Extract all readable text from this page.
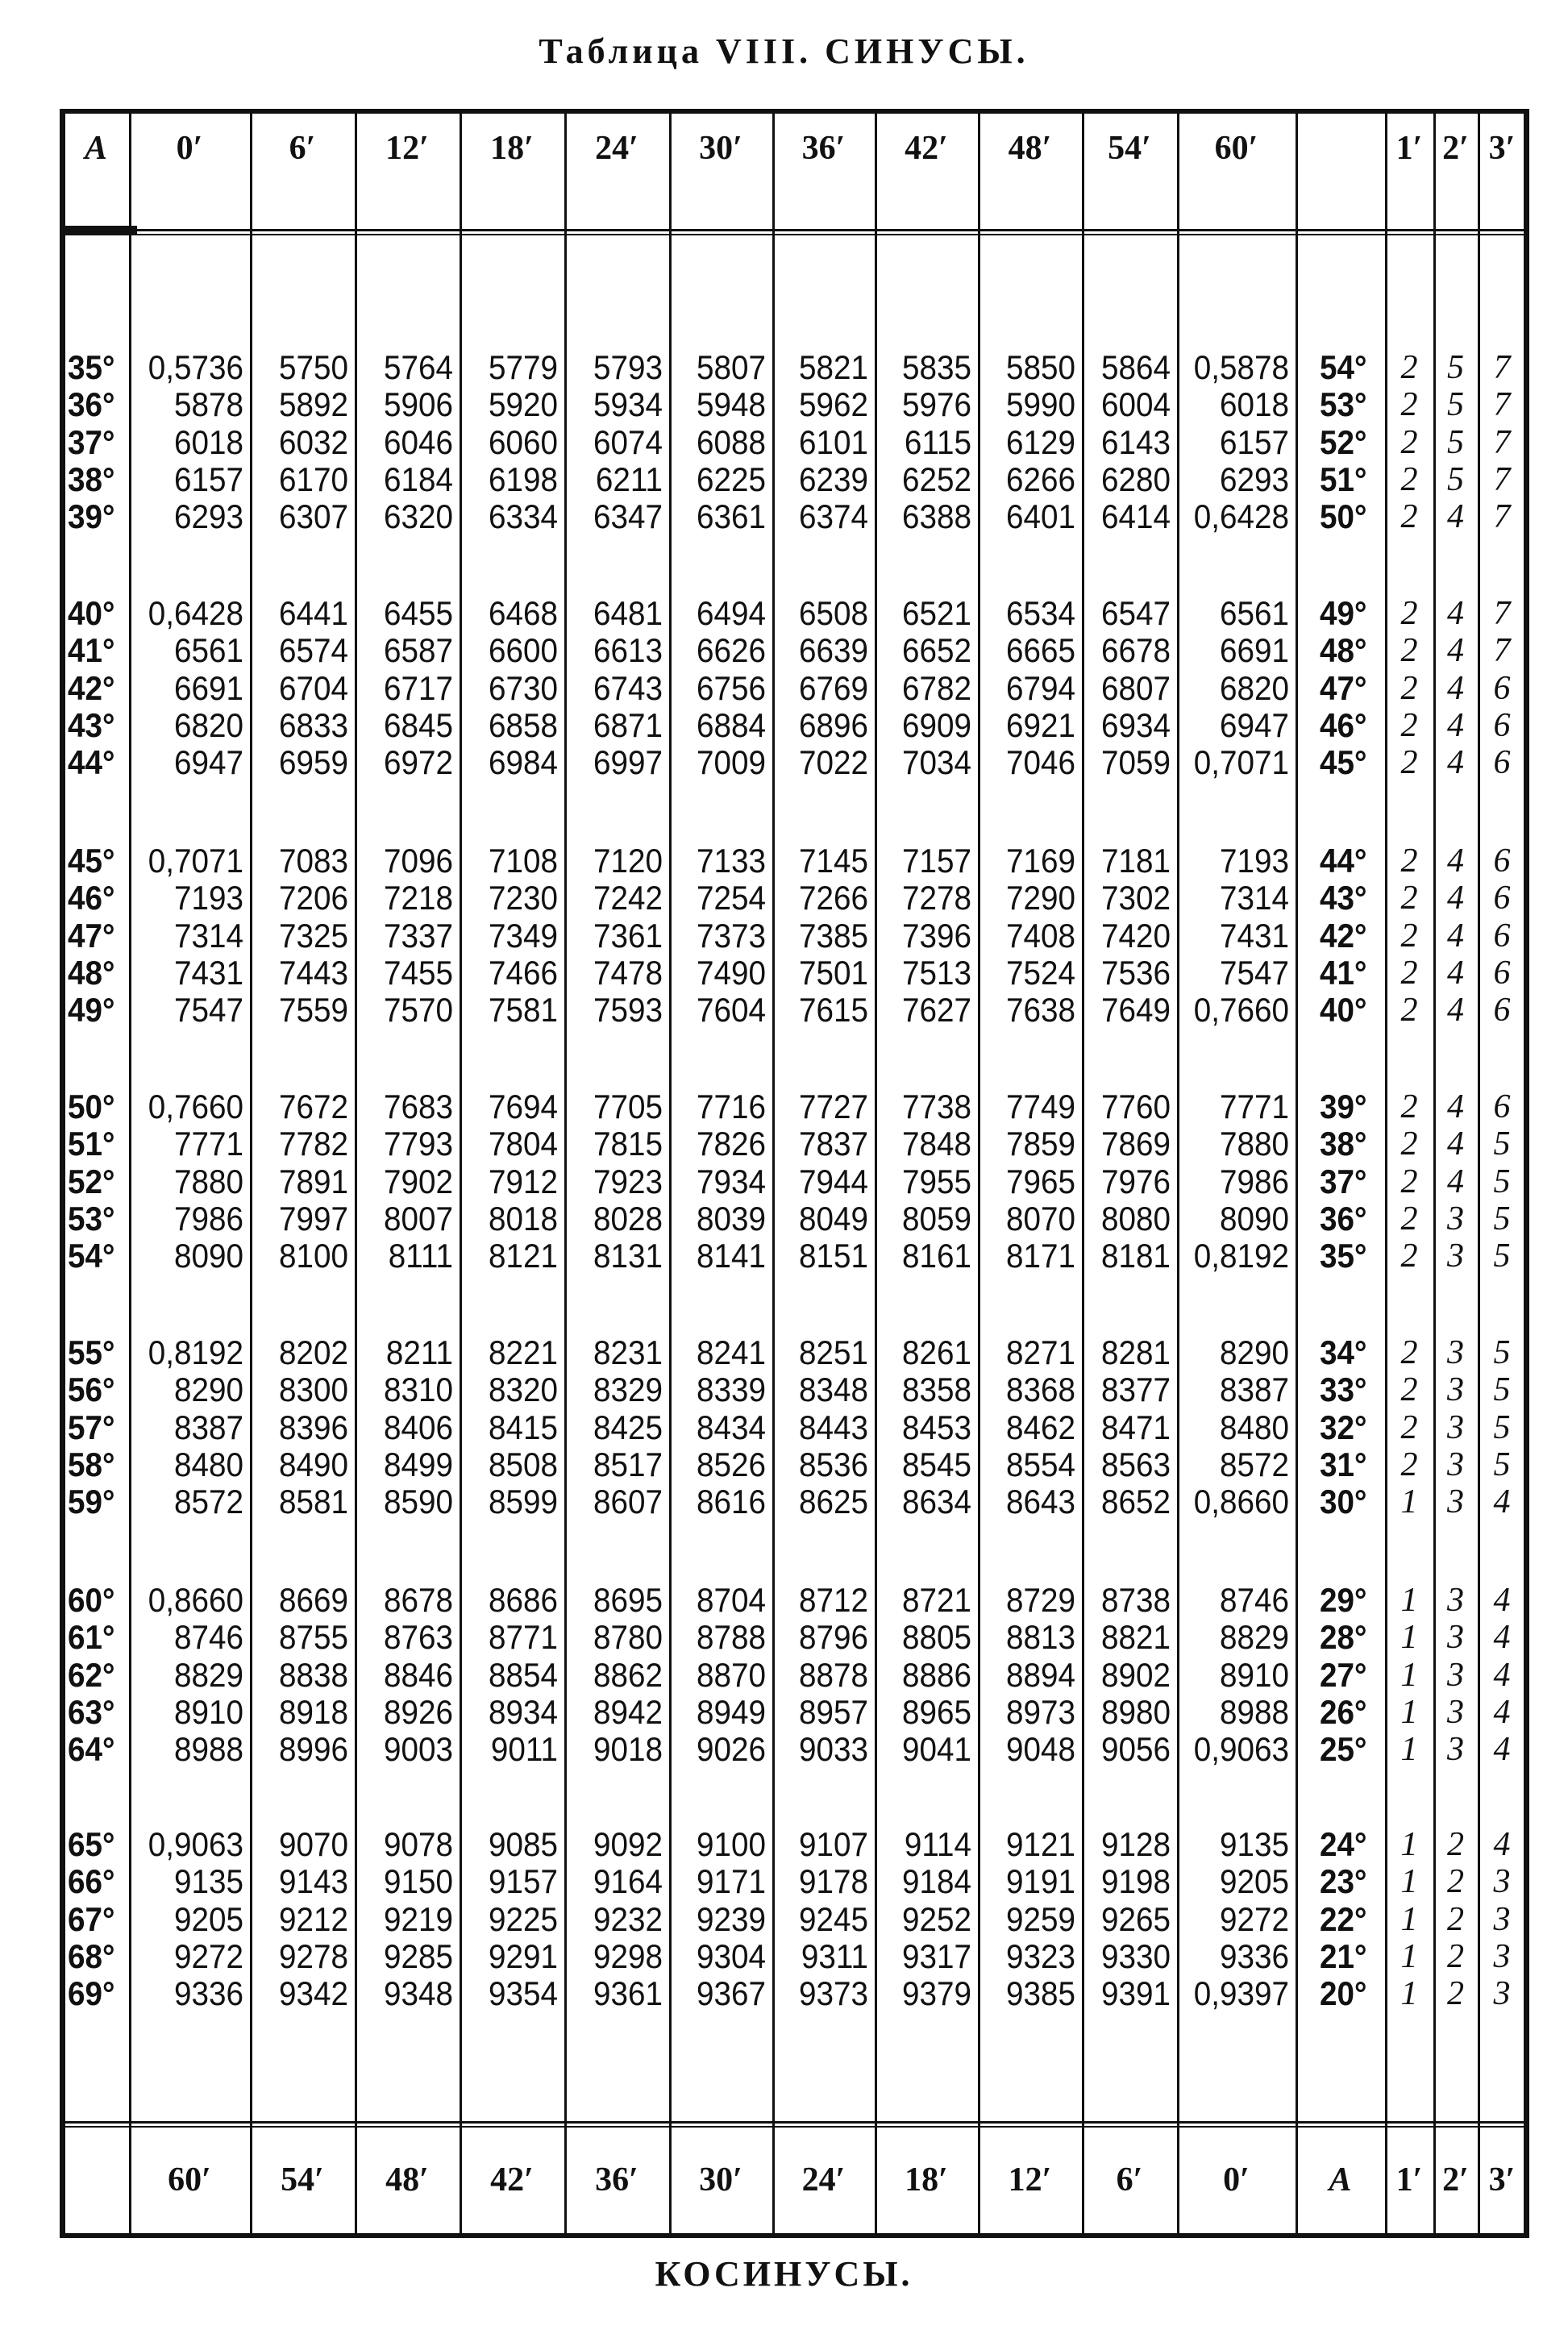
Таблица VIII. СИНУСЫ.
А	0′	6′	12′	18′	24′	30′	36′	42′	48′	54′	60′	1′ 2′ 3′
35° 0,5736	5750	5764	5779	5793	5807 5821	5835	5850 5864 0,5878 54°	2 5 7
36°	5878	5892	5906	5920	5934	5948 5962	5976	5990 6004	6018 53°	2 5 7
37°	6018	6032	6046	6060	6074	6088 6101	6115	6129 6143	6157 52°	2 5 7
38°	6157	6170	6184	6198	6211	6225 6239	6252	6266 6280	6293 51°	2 5 7
39°	6293	6307	6320	6334	6347	6361 6374	6388	6401 6414 0,6428 50°	2 4 7
40° 0,6428	6441	6455	6468	6481	6494 6508	6521	6534 6547	6561 49°	2 4 7
41°	6561	6574	6587	6600	6613	6626 6639	6652	6665 6678	6691 48°	2 4 7
42°	6691	6704	6717	6730	6743	6756 6769	6782	6794 6807	6820 47°	2 4 6
43°	6820	6833	6845	6858	6871	6884 6896	6909	6921 6934	6947 46°	2 4 6
44°	6947	6959	6972	6984	6997	7009 7022	7034	7046 7059 0,7071 45°	2 4 6
45° 0,7071	7083	7096	7108	7120	7133 7145	7157	7169 7181	7193 44°	2 4 6
46°	7193	7206	7218	7230	7242	7254 7266	7278	7290 7302	7314 43°	2 4 6
47°	7314	7325	7337	7349	7361	7373 7385	7396	7408 7420	7431 42°	2 4 6
48°	7431	7443	7455	7466	7478	7490 7501	7513	7524 7536	7547 41°	2 4 6
49°	7547	7559	7570	7581	7593	7604 7615	7627	7638 7649 0,7660 40°	2 4 6
50° 0,7660	7672	7683	7694	7705	7716 7727	7738	7749 7760	7771 39°	2 4 6
51°	7771	7782	7793	7804	7815	7826 7837	7848	7859 7869	7880 38°	2 4 5
52°	7880	7891	7902	7912	7923	7934 7944	7955	7965 7976	7986 37°	2 4 5
53°	7986	7997	8007	8018	8028	8039 8049	8059	8070 8080	8090 36°	2 3 5
54°	8090	8100	8111	8121	8131	8141 8151	8161	8171 8181 0,8192 35°	2 3 5
55° 0,8192	8202	8211	8221	8231	8241 8251	8261	8271 8281	8290 34°	2 3 5
56°	8290	8300	8310	8320	8329	8339 8348	8358	8368 8377	8387 33°	2 3 5
57°	8387	8396	8406	8415	8425	8434 8443	8453	8462 8471	8480 32°	2 3 5
58°	8480	8490	8499	8508	8517	8526 8536	8545	8554 8563	8572 31°	2 3 5
59°	8572	8581	8590	8599	8607	8616 8625	8634	8643 8652 0,8660 30°	1 3 4
60° 0,8660	8669	8678	8686	8695	8704 8712	8721	8729 8738	8746 29°	1 3 4
61°	8746	8755	8763	8771	8780	8788 8796	8805	8813 8821	8829 28°	1 3 4
62°	8829	8838	8846	8854	8862	8870 8878	8886	8894 8902	8910 27°	1 3 4
63°	8910	8918	8926	8934	8942	8949 8957	8965	8973 8980	8988 26°	1 3 4
64°	8988	8996	9003	9011	9018	9026 9033	9041	9048 9056 0,9063 25°	1 3 4
65° 0,9063	9070	9078	9085	9092	9100 9107	9114	9121 9128	9135 24°	1 2 4
66°	9135	9143	9150	9157	9164	9171 9178	9184	9191 9198	9205 23°	1 2 3
67°	9205	9212	9219	9225	9232	9239 9245	9252	9259 9265	9272 22°	1 2 3
68°	9272	9278	9285	9291	9298	9304	9311	9317	9323 9330	9336 21°	1 2 3
69°	9336	9342	9348	9354	9361	9367 9373	9379	9385 9391 0,9397 20°	1 2 3
60′	54′	48′	42′	36′	30′	24′	18′	12′	6′	0′	А	1′ 2′ 3′
КОСИНУСЫ.
